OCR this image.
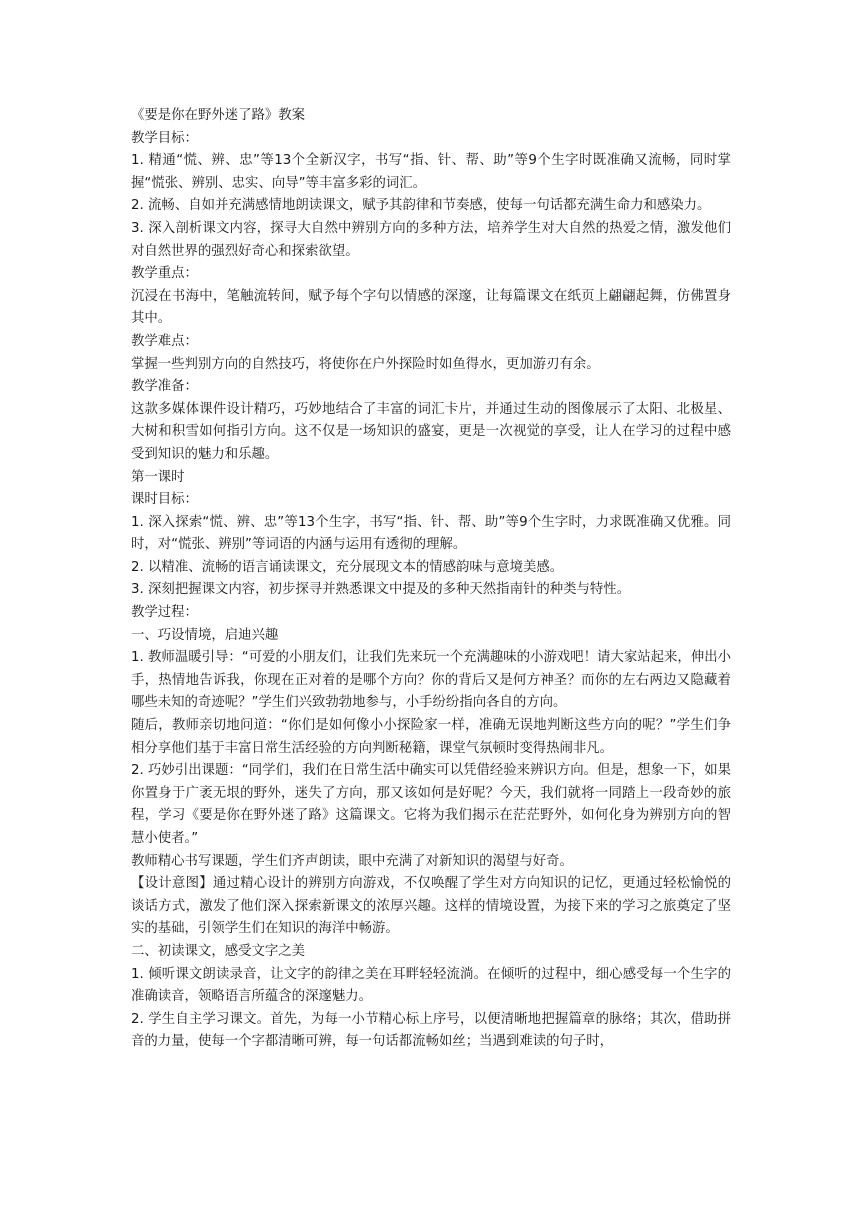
《要是你在野外迷了路》教案

教学目标：

1. 精通“慌、辨、忠”等13个全新汉字，书写“指、针、帮、助”等9个生字时既准确又流畅，同时掌握“慌张、辨别、忠实、向导”等丰富多彩的词汇。

2. 流畅、自如并充满感情地朗读课文，赋予其韵律和节奏感，使每一句话都充满生命力和感染力。

3. 深入剖析课文内容，探寻大自然中辨别方向的多种方法，培养学生对大自然的热爱之情，激发他们对自然世界的强烈好奇心和探索欲望。

教学重点：

沉浸在书海中，笔触流转间，赋予每个字句以情感的深邃，让每篇课文在纸页上翩翩起舞，仿佛置身其中。

教学难点：

掌握一些判别方向的自然技巧，将使你在户外探险时如鱼得水，更加游刃有余。

教学准备：

这款多媒体课件设计精巧，巧妙地结合了丰富的词汇卡片，并通过生动的图像展示了太阳、北极星、大树和积雪如何指引方向。这不仅是一场知识的盛宴，更是一次视觉的享受，让人在学习的过程中感受到知识的魅力和乐趣。

第一课时

课时目标：

1. 深入探索“慌、辨、忠”等13个生字，书写“指、针、帮、助”等9个生字时，力求既准确又优雅。同时，对“慌张、辨别”等词语的内涵与运用有透彻的理解。

2. 以精准、流畅的语言诵读课文，充分展现文本的情感韵味与意境美感。

3. 深刻把握课文内容，初步探寻并熟悉课文中提及的多种天然指南针的种类与特性。

教学过程：

一、巧设情境，启迪兴趣

1. 教师温暖引导：“可爱的小朋友们，让我们先来玩一个充满趣味的小游戏吧！请大家站起来，伸出小手，热情地告诉我，你现在正对着的是哪个方向？你的背后又是何方神圣？而你的左右两边又隐藏着哪些未知的奇迹呢？”学生们兴致勃勃地参与，小手纷纷指向各自的方向。

随后，教师亲切地问道：“你们是如何像小小探险家一样，准确无误地判断这些方向的呢？”学生们争相分享他们基于丰富日常生活经验的方向判断秘籍，课堂气氛顿时变得热闹非凡。

2. 巧妙引出课题：“同学们，我们在日常生活中确实可以凭借经验来辨识方向。但是，想象一下，如果你置身于广袤无垠的野外，迷失了方向，那又该如何是好呢？今天，我们就将一同踏上一段奇妙的旅程，学习《要是你在野外迷了路》这篇课文。它将为我们揭示在茫茫野外，如何化身为辨别方向的智慧小使者。”

教师精心书写课题，学生们齐声朗读，眼中充满了对新知识的渴望与好奇。

【设计意图】通过精心设计的辨别方向游戏，不仅唤醒了学生对方向知识的记忆，更通过轻松愉悦的谈话方式，激发了他们深入探索新课文的浓厚兴趣。这样的情境设置，为接下来的学习之旅奠定了坚实的基础，引领学生们在知识的海洋中畅游。

二、初读课文，感受文字之美

1. 倾听课文朗读录音，让文字的韵律之美在耳畔轻轻流淌。在倾听的过程中，细心感受每一个生字的准确读音，领略语言所蕴含的深邃魅力。

2. 学生自主学习课文。首先，为每一小节精心标上序号，以便清晰地把握篇章的脉络；其次，借助拼音的力量，使每一个字都清晰可辨，每一句话都流畅如丝；当遇到难读的句子时，
